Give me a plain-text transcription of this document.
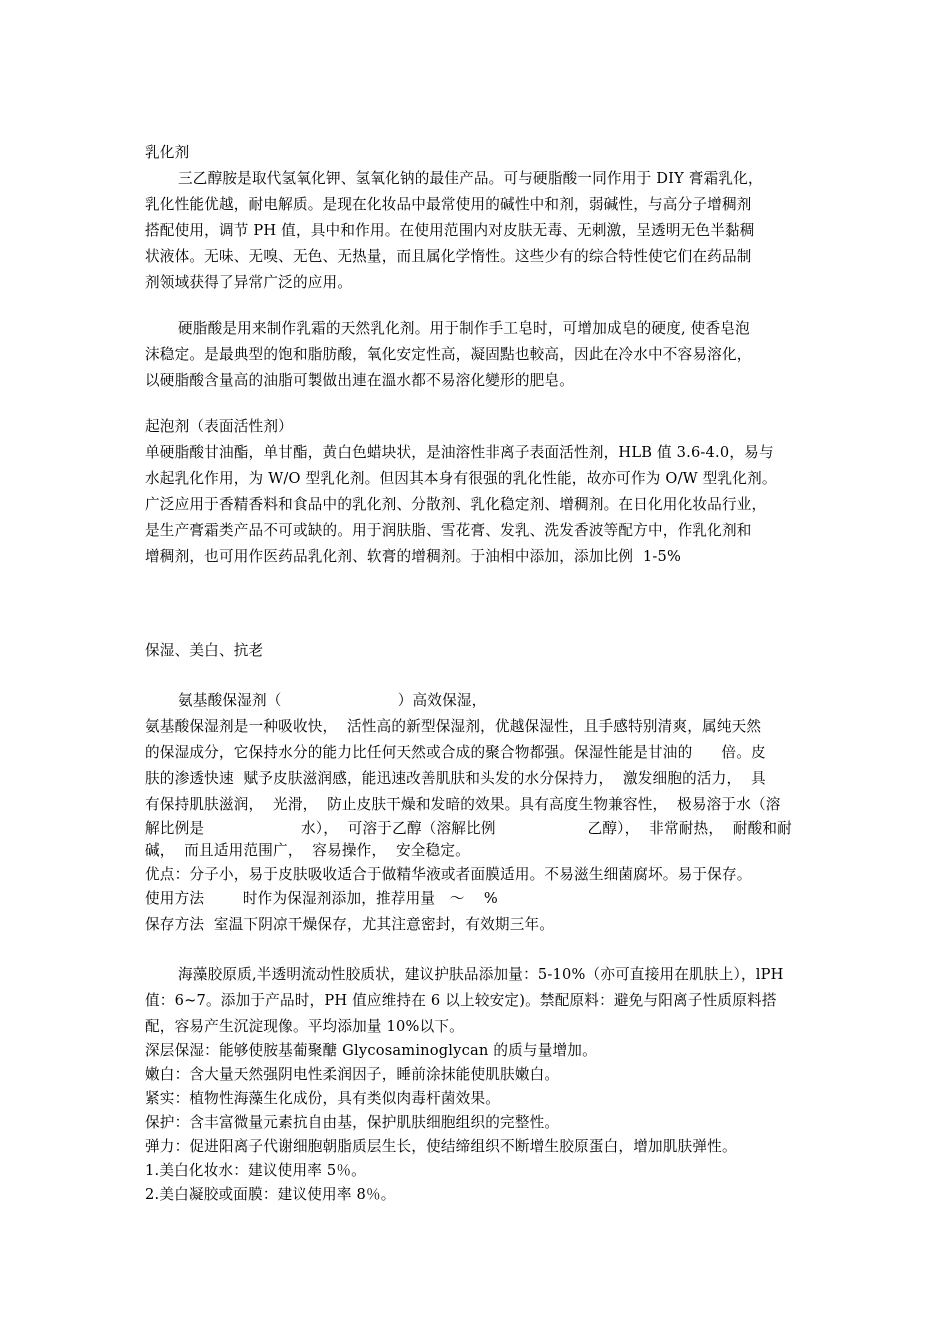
乳化剂
三乙醇胺是取代氢氧化钾、氢氧化钠的最佳产品。可与硬脂酸一同作用于 DIY 膏霜乳化，
乳化性能优越，耐电解质。是现在化妆品中最常使用的碱性中和剂，弱碱性，与高分子增稠剂
搭配使用，调节 PH 值，具中和作用。在使用范围内对皮肤无毒、无刺激，呈透明无色半黏稠
状液体。无味、无嗅、无色、无热量，而且属化学惰性。这些少有的综合特性使它们在药品制
剂领域获得了异常广泛的应用。
硬脂酸是用来制作乳霜的天然乳化剂。用于制作手工皂时，可增加成皂的硬度, 使香皂泡
沫稳定。是最典型的饱和脂肪酸，氧化安定性高，凝固點也較高，因此在冷水中不容易溶化，
以硬脂酸含量高的油脂可製做出連在溫水都不易溶化變形的肥皂。
起泡剂（表面活性剂）
单硬脂酸甘油酯，单甘酯，黄白色蜡块状，是油溶性非离子表面活性剂，HLB 值 3.6-4.0，易与
水起乳化作用，为 W/O 型乳化剂。但因其本身有很强的乳化性能，故亦可作为 O/W 型乳化剂。
广泛应用于香精香料和食品中的乳化剂、分散剂、乳化稳定剂、增稠剂。在日化用化妆品行业，
是生产膏霜类产品不可或缺的。用于润肤脂、雪花膏、发乳、洗发香波等配方中，作乳化剂和
增稠剂，也可用作医药品乳化剂、软膏的增稠剂。于油相中添加，添加比例  1-5%
保湿、美白、抗老
氨基酸保湿剂（                        ）高效保湿，
氨基酸保湿剂是一种吸收快，  活性高的新型保湿剂，优越保湿性，且手感特别清爽，属纯天然
的保湿成分，它保持水分的能力比任何天然或合成的聚合物都强。保湿性能是甘油的      倍。皮
肤的渗透快速  赋予皮肤滋润感，能迅速改善肌肤和头发的水分保持力，  激发细胞的活力，  具
有保持肌肤滋润，  光滑，  防止皮肤干燥和发暗的效果。具有高度生物兼容性，  极易溶于水（溶
解比例是                    水），  可溶于乙醇（溶解比例                   乙醇），  非常耐热，  耐酸和耐
碱，  而且适用范围广，  容易操作，  安全稳定。
优点：分子小，易于皮肤吸收适合于做精华液或者面膜适用。不易滋生细菌腐坏。易于保存。
使用方法        时作为保湿剂添加，推荐用量   ～    %
保存方法  室温下阴凉干燥保存，尤其注意密封，有效期三年。
海藻胶原质,半透明流动性胶质状，建议护肤品添加量：5-10%（亦可直接用在肌肤上），lPH
值：6~7。添加于产品时，PH 值应维持在 6 以上较安定)。禁配原料：避免与阳离子性质原料搭
配，容易产生沉淀现像。平均添加量 10%以下。
深层保湿：能够使胺基葡聚醣 Glycosaminoglycan 的质与量增加。
嫩白：含大量天然强阴电性柔润因子，睡前涂抹能使肌肤嫩白。
紧实：植物性海藻生化成份，具有类似肉毒杆菌效果。
保护：含丰富微量元素抗自由基，保护肌肤细胞组织的完整性。
弹力：促进阳离子代谢细胞朝脂质层生长，使结缔组织不断增生胶原蛋白，增加肌肤弹性。
1.美白化妆水：建议使用率 5％。
2.美白凝胶或面膜：建议使用率 8％。
